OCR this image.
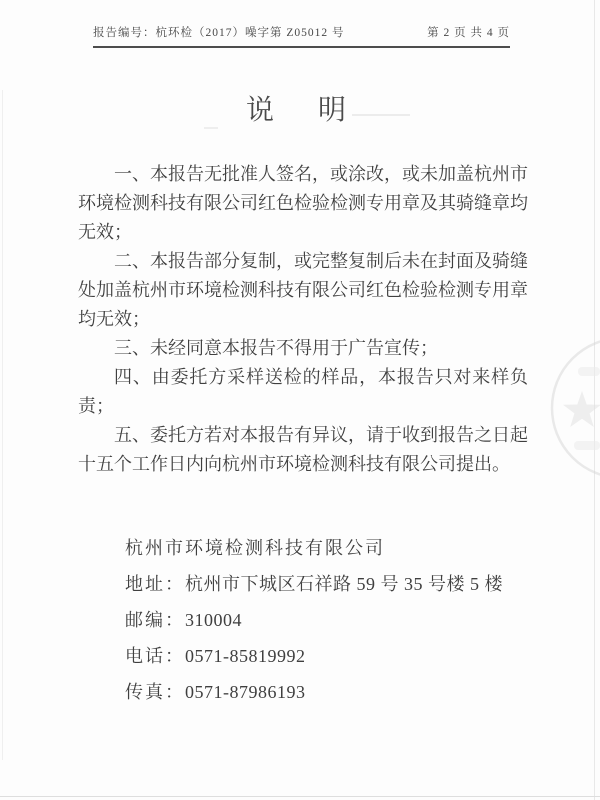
报告编号：杭环检（2017）噪字第 Z05012 号	第 2 页 共 4 页
说　明

一、本报告无批准人签名，或涂改，或未加盖杭州市环境检测科技有限公司红色检验检测专用章及其骑缝章均无效；

二、本报告部分复制，或完整复制后未在封面及骑缝处加盖杭州市环境检测科技有限公司红色检验检测专用章均无效；

三、未经同意本报告不得用于广告宣传；

四、由委托方采样送检的样品，本报告只对来样负责；

五、委托方若对本报告有异议，请于收到报告之日起十五个工作日内向杭州市环境检测科技有限公司提出。

杭州市环境检测科技有限公司
地址：杭州市下城区石祥路 59 号 35 号楼 5 楼
邮编：310004
电话：0571-85819992
传真：0571-87986193
